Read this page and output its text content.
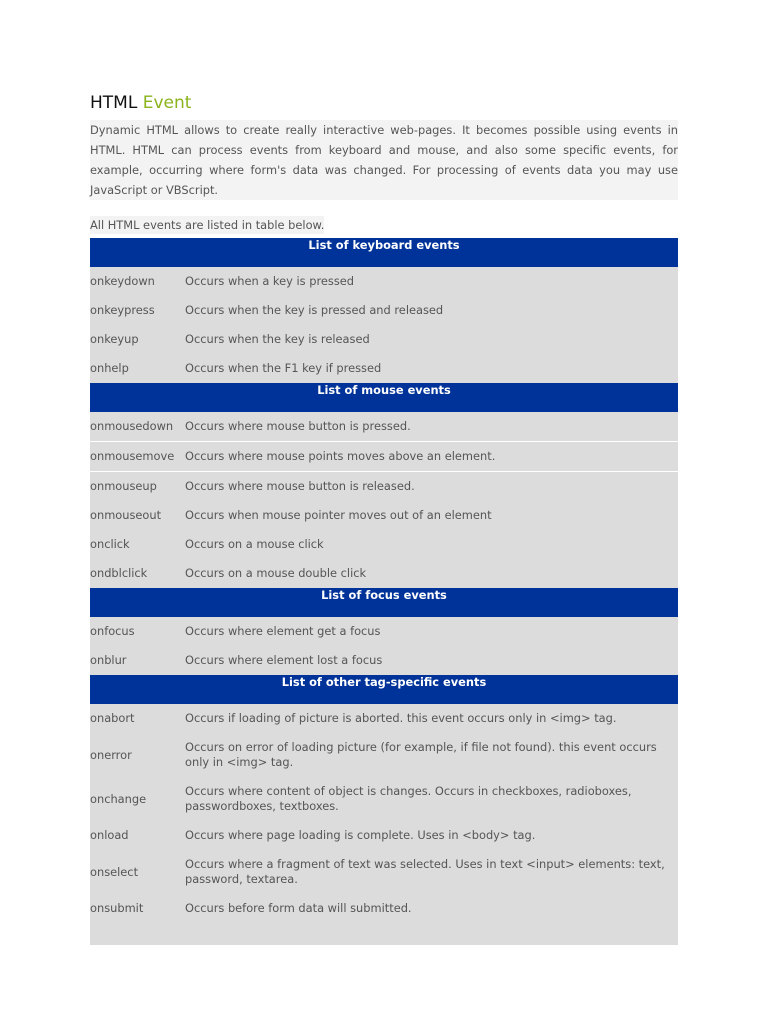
HTML Event

Dynamic HTML allows to create really interactive web-pages. It becomes possible using events in HTML. HTML can process events from keyboard and mouse, and also some specific events, for example, occurring where form's data was changed. For processing of events data you may use JavaScript or VBScript.

All HTML events are listed in table below.
List of keyboard events	
onkeydown	Occurs when a key is pressed
onkeypress	Occurs when the key is pressed and released
onkeyup	Occurs when the key is released
onhelp	Occurs when the F1 key if pressed
List of mouse events	
onmousedown	Occurs where mouse button is pressed.
onmousemove	Occurs where mouse points moves above an element.
onmouseup	Occurs where mouse button is released.
onmouseout	Occurs when mouse pointer moves out of an element
onclick	Occurs on a mouse click
ondblclick	Occurs on a mouse double click
List of focus events	
onfocus	Occurs where element get a focus
onblur	Occurs where element lost a focus
List of other tag-specific events	
onabort	Occurs if loading of picture is aborted. this event occurs only in <img> tag.
onerror	Occurs on error of loading picture (for example, if file not found). this event occurs only in <img> tag.
onchange	Occurs where content of object is changes. Occurs in checkboxes, radioboxes, passwordboxes, textboxes.
onload	Occurs where page loading is complete. Uses in <body> tag.
onselect	Occurs where a fragment of text was selected. Uses in text <input> elements: text, password, textarea.
onsubmit	Occurs before form data will submitted.
